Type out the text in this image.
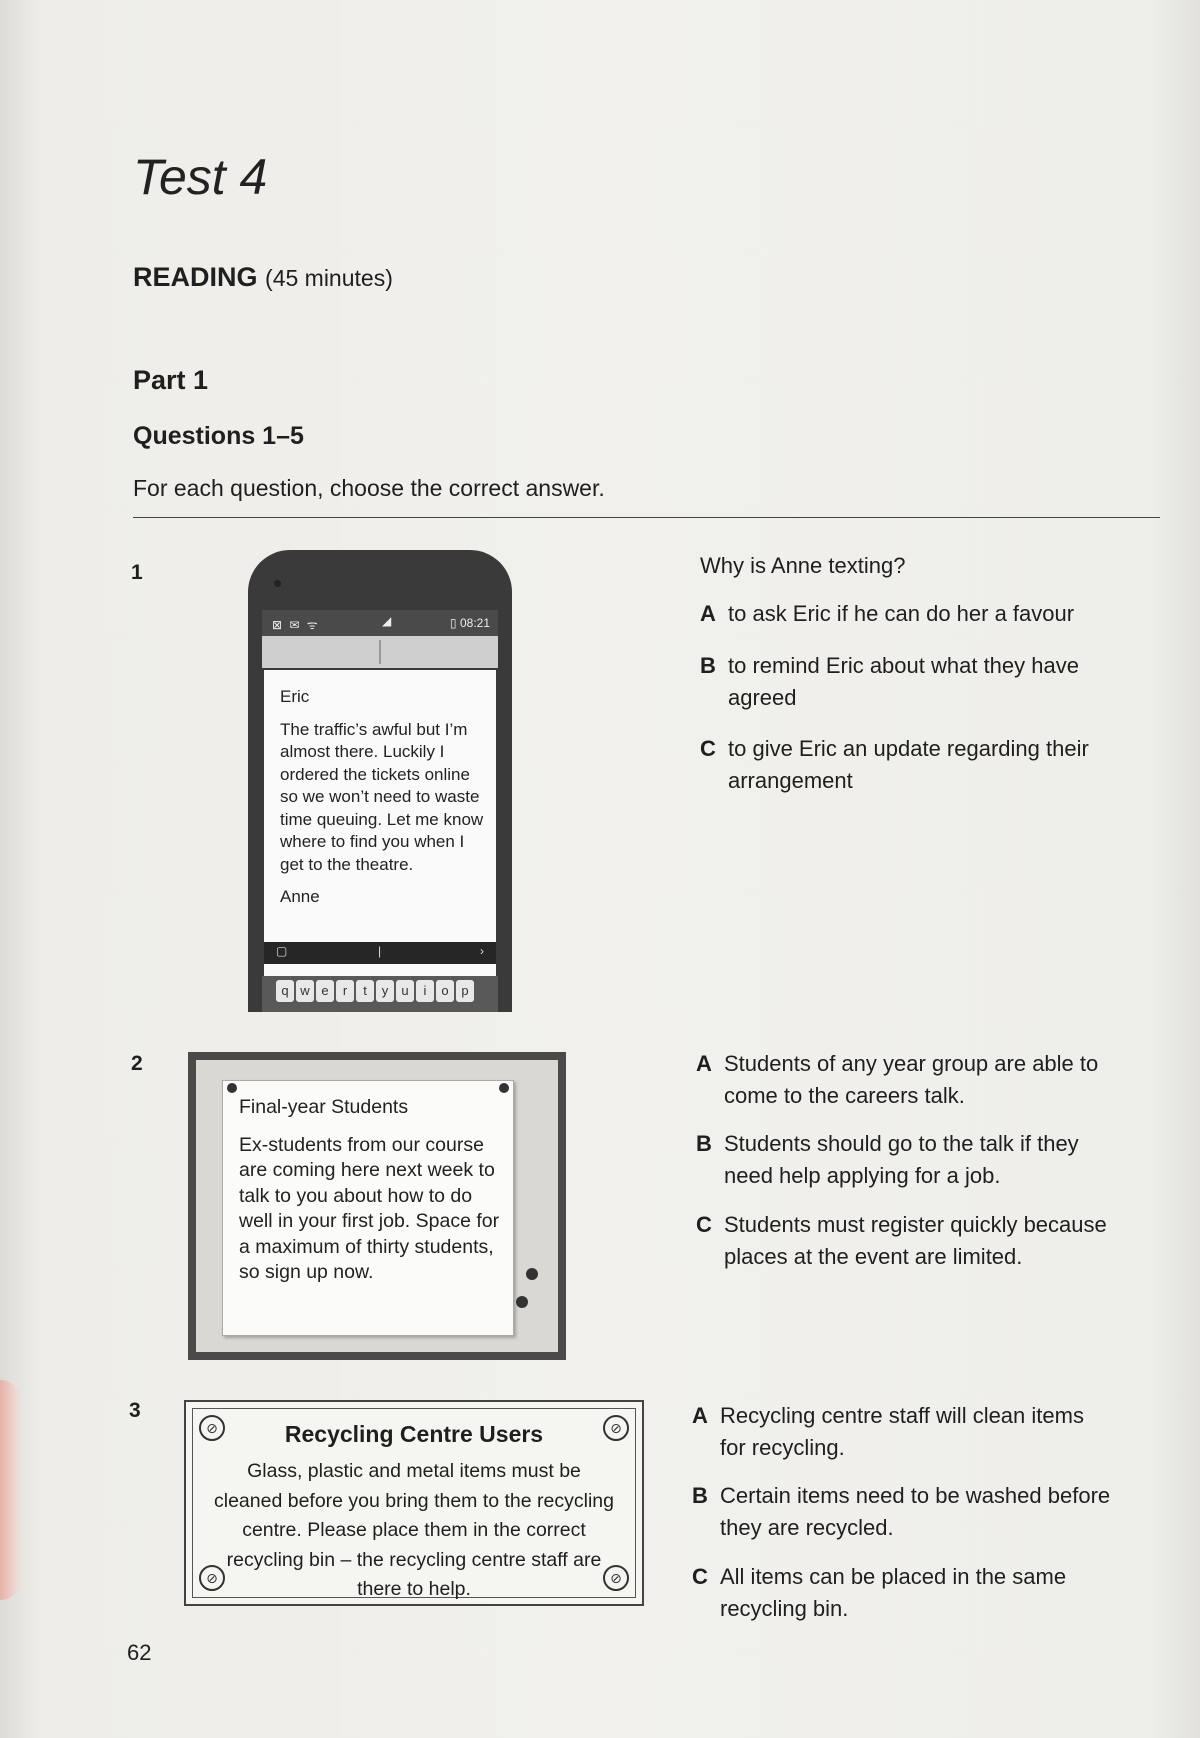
Test 4
READING (45 minutes)
Part 1
Questions 1–5
For each question, choose the correct answer.
1
⊠ ✉ ᯤ	◢	▯ 08:21

Eric

The traffic’s awful but I’m almost there. Luckily I ordered the tickets online so we won’t need to waste time queuing. Let me know where to find you when I get to the theatre.

Anne

▢	|	›
q w e	r	t	y	u	i	o p
Why is Anne texting?
A to ask Eric if he can do her a favour
B to remind Eric about what they have agreed
C to give Eric an update regarding their arrangement
2

Final-year Students

Ex-students from our course are coming here next week to talk to you about how to do well in your first job. Space for a maximum of thirty students, so sign up now.

A Students of any year group are able to come to the careers talk.
B Students should go to the talk if they need help applying for a job.
C Students must register quickly because places at the event are limited.
3
⊘	⊘
⊘	⊘
Recycling Centre Users
Glass, plastic and metal items must be cleaned before you bring them to the recycling centre. Please place them in the correct recycling bin – the recycling centre staff are there to help.
A Recycling centre staff will clean items for recycling.
B Certain items need to be washed before they are recycled.
C All items can be placed in the same recycling bin.
62
